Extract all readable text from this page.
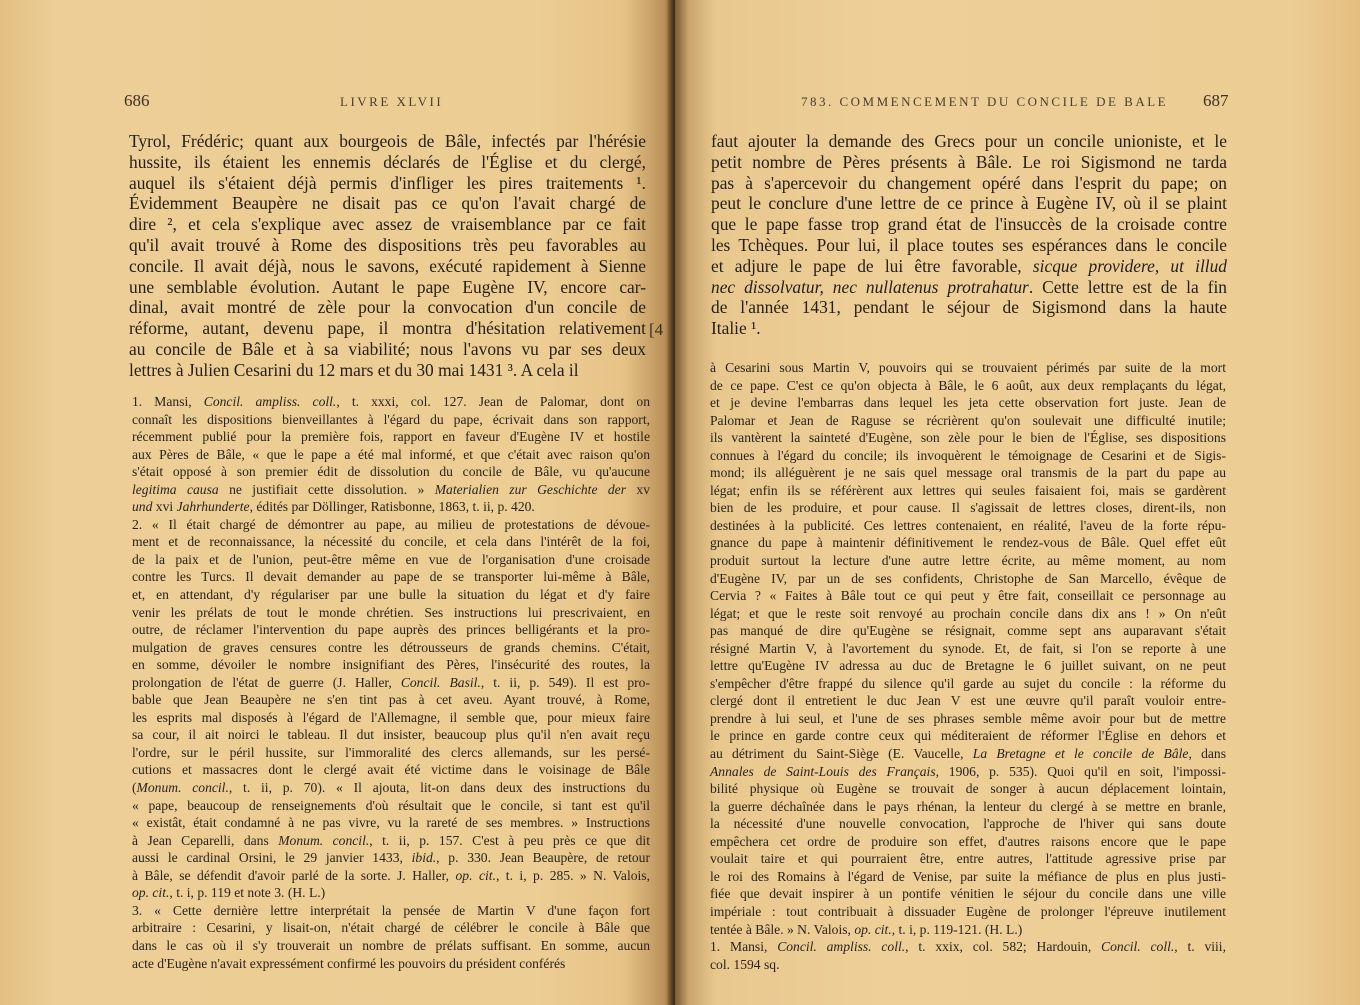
686	LIVRE XLVII
[4
Tyrol, Frédéric; quant aux bourgeois de Bâle, infectés par l'hérésie
hussite, ils étaient les ennemis déclarés de l'Église et du clergé,
auquel ils s'étaient déjà permis d'infliger les pires traitements ¹.
Évidemment Beaupère ne disait pas ce qu'on l'avait chargé de
dire ², et cela s'explique avec assez de vraisemblance par ce fait
qu'il avait trouvé à Rome des dispositions très peu favorables au
concile. Il avait déjà, nous le savons, exécuté rapidement à Sienne
une semblable évolution. Autant le pape Eugène IV, encore car-
dinal, avait montré de zèle pour la convocation d'un concile de
réforme, autant, devenu pape, il montra d'hésitation relativement
au concile de Bâle et à sa viabilité; nous l'avons vu par ses deux
lettres à Julien Cesarini du 12 mars et du 30 mai 1431 ³. A cela il
1. Mansi, Concil. ampliss. coll., t. xxxi, col. 127. Jean de Palomar, dont on
connaît les dispositions bienveillantes à l'égard du pape, écrivait dans son rapport,
récemment publié pour la première fois, rapport en faveur d'Eugène IV et hostile
aux Pères de Bâle, « que le pape a été mal informé, et que c'était avec raison qu'on
s'était opposé à son premier édit de dissolution du concile de Bâle, vu qu'aucune
legitima causa ne justifiait cette dissolution. » Materialien zur Geschichte der xv
und xvi Jahrhunderte, édités par Döllinger, Ratisbonne, 1863, t. ii, p. 420.
2. « Il était chargé de démontrer au pape, au milieu de protestations de dévoue-
ment et de reconnaissance, la nécessité du concile, et cela dans l'intérêt de la foi,
de la paix et de l'union, peut-être même en vue de l'organisation d'une croisade
contre les Turcs. Il devait demander au pape de se transporter lui-même à Bâle,
et, en attendant, d'y régulariser par une bulle la situation du légat et d'y faire
venir les prélats de tout le monde chrétien. Ses instructions lui prescrivaient, en
outre, de réclamer l'intervention du pape auprès des princes belligérants et la pro-
mulgation de graves censures contre les détrousseurs de grands chemins. C'était,
en somme, dévoiler le nombre insignifiant des Pères, l'insécurité des routes, la
prolongation de l'état de guerre (J. Haller, Concil. Basil., t. ii, p. 549). Il est pro-
bable que Jean Beaupère ne s'en tint pas à cet aveu. Ayant trouvé, à Rome,
les esprits mal disposés à l'égard de l'Allemagne, il semble que, pour mieux faire
sa cour, il ait noirci le tableau. Il dut insister, beaucoup plus qu'il n'en avait reçu
l'ordre, sur le péril hussite, sur l'immoralité des clercs allemands, sur les persé-
cutions et massacres dont le clergé avait été victime dans le voisinage de Bâle
(Monum. concil., t. ii, p. 70). « Il ajouta, lit-on dans deux des instructions du
« pape, beaucoup de renseignements d'où résultait que le concile, si tant est qu'il
« existât, était condamné à ne pas vivre, vu la rareté de ses membres. » Instructions
à Jean Ceparelli, dans Monum. concil., t. ii, p. 157. C'est à peu près ce que dit
aussi le cardinal Orsini, le 29 janvier 1433, ibid., p. 330. Jean Beaupère, de retour
à Bâle, se défendit d'avoir parlé de la sorte. J. Haller, op. cit., t. i, p. 285. » N. Valois,
op. cit., t. i, p. 119 et note 3. (H. L.)
3. « Cette dernière lettre interprétait la pensée de Martin V d'une façon fort
arbitraire : Cesarini, y lisait-on, n'était chargé de célébrer le concile à Bâle que
dans le cas où il s'y trouverait un nombre de prélats suffisant. En somme, aucun
acte d'Eugène n'avait expressément confirmé les pouvoirs du président conférés
783. COMMENCEMENT DU CONCILE DE BALE 687
faut ajouter la demande des Grecs pour un concile unioniste, et le
petit nombre de Pères présents à Bâle. Le roi Sigismond ne tarda
pas à s'apercevoir du changement opéré dans l'esprit du pape; on
peut le conclure d'une lettre de ce prince à Eugène IV, où il se plaint
que le pape fasse trop grand état de l'insuccès de la croisade contre
les Tchèques. Pour lui, il place toutes ses espérances dans le concile
et adjure le pape de lui être favorable, sicque providere, ut illud
nec dissolvatur, nec nullatenus protrahatur. Cette lettre est de la fin
de l'année 1431, pendant le séjour de Sigismond dans la haute
Italie ¹.
à Cesarini sous Martin V, pouvoirs qui se trouvaient périmés par suite de la mort
de ce pape. C'est ce qu'on objecta à Bâle, le 6 août, aux deux remplaçants du légat,
et je devine l'embarras dans lequel les jeta cette observation fort juste. Jean de
Palomar et Jean de Raguse se récrièrent qu'on soulevait une difficulté inutile;
ils vantèrent la sainteté d'Eugène, son zèle pour le bien de l'Église, ses dispositions
connues à l'égard du concile; ils invoquèrent le témoignage de Cesarini et de Sigis-
mond; ils alléguèrent je ne sais quel message oral transmis de la part du pape au
légat; enfin ils se référèrent aux lettres qui seules faisaient foi, mais se gardèrent
bien de les produire, et pour cause. Il s'agissait de lettres closes, dirent-ils, non
destinées à la publicité. Ces lettres contenaient, en réalité, l'aveu de la forte répu-
gnance du pape à maintenir définitivement le rendez-vous de Bâle. Quel effet eût
produit surtout la lecture d'une autre lettre écrite, au même moment, au nom
d'Eugène IV, par un de ses confidents, Christophe de San Marcello, évêque de
Cervia ? « Faites à Bâle tout ce qui peut y être fait, conseillait ce personnage au
légat; et que le reste soit renvoyé au prochain concile dans dix ans ! » On n'eût
pas manqué de dire qu'Eugène se résignait, comme sept ans auparavant s'était
résigné Martin V, à l'avortement du synode. Et, de fait, si l'on se reporte à une
lettre qu'Eugène IV adressa au duc de Bretagne le 6 juillet suivant, on ne peut
s'empêcher d'être frappé du silence qu'il garde au sujet du concile : la réforme du
clergé dont il entretient le duc Jean V est une œuvre qu'il paraît vouloir entre-
prendre à lui seul, et l'une de ses phrases semble même avoir pour but de mettre
le prince en garde contre ceux qui méditeraient de réformer l'Église en dehors et
au détriment du Saint-Siège (E. Vaucelle, La Bretagne et le concile de Bâle, dans
Annales de Saint-Louis des Français, 1906, p. 535). Quoi qu'il en soit, l'impossi-
bilité physique où Eugène se trouvait de songer à aucun déplacement lointain,
la guerre déchaînée dans le pays rhénan, la lenteur du clergé à se mettre en branle,
la nécessité d'une nouvelle convocation, l'approche de l'hiver qui sans doute
empêchera cet ordre de produire son effet, d'autres raisons encore que le pape
voulait taire et qui pourraient être, entre autres, l'attitude agressive prise par
le roi des Romains à l'égard de Venise, par suite la méfiance de plus en plus justi-
fiée que devait inspirer à un pontife vénitien le séjour du concile dans une ville
impériale : tout contribuait à dissuader Eugène de prolonger l'épreuve inutilement
tentée à Bâle. » N. Valois, op. cit., t. i, p. 119-121. (H. L.)
1. Mansi, Concil. ampliss. coll., t. xxix, col. 582; Hardouin, Concil. coll., t. viii,
col. 1594 sq.
